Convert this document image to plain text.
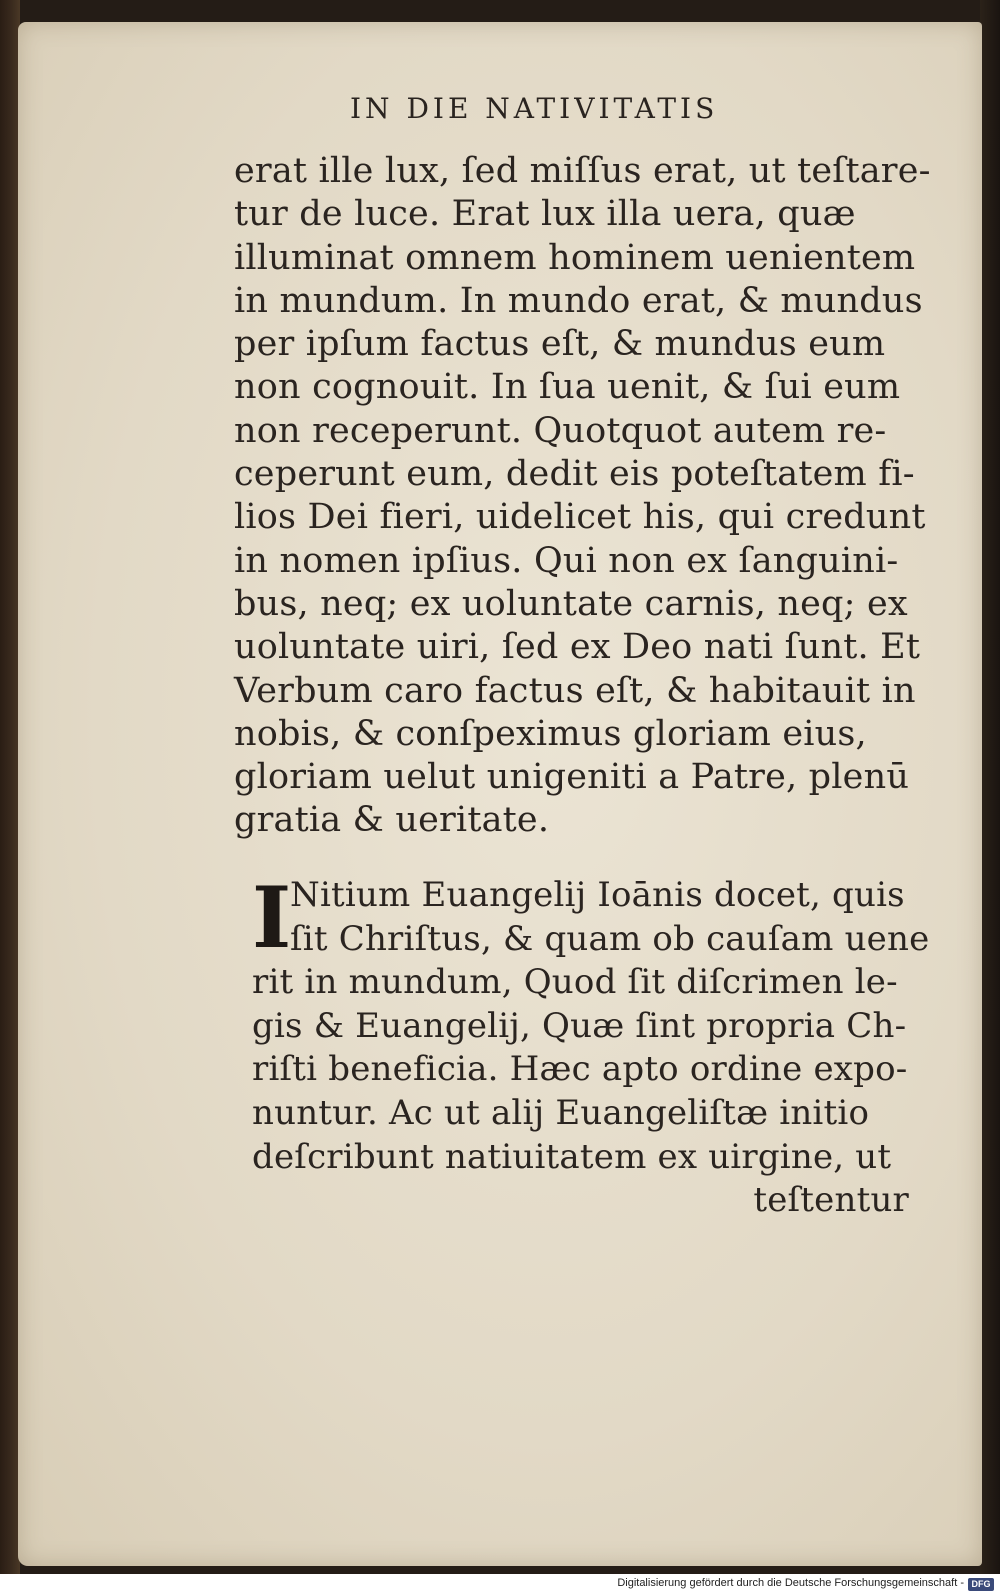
IN DIE NATIVITATIS
erat ille lux, ſed miſſus erat, ut teſtare-
tur de luce. Erat lux illa uera, quæ
illuminat omnem hominem uenientem
in mundum. In mundo erat, & mundus
per ipſum factus eſt, & mundus eum
non cognouit. In ſua uenit, & ſui eum
non receperunt. Quotquot autem re-
ceperunt eum, dedit eis poteſtatem fi-
lios Dei fieri, uidelicet his, qui credunt
in nomen ipſius. Qui non ex ſanguini-
bus, neq; ex uoluntate carnis, neq; ex
uoluntate uiri, ſed ex Deo nati ſunt. Et
Verbum caro factus eſt, & habitauit in
nobis, & conſpeximus gloriam eius,
gloriam uelut unigeniti a Patre, plenū
gratia & ueritate.
I
Nitium Euangelij Ioānis docet, quis
ſit Chriſtus, & quam ob cauſam uene
rit in mundum, Quod ſit diſcrimen le-
gis & Euangelij, Quæ ſint propria Ch-
riſti beneficia. Hæc apto ordine expo-
nuntur. Ac ut alij Euangeliſtæ initio
deſcribunt natiuitatem ex uirgine, ut
teſtentur
Digitalisierung gefördert durch die Deutsche Forschungsgemeinschaft - DFG
